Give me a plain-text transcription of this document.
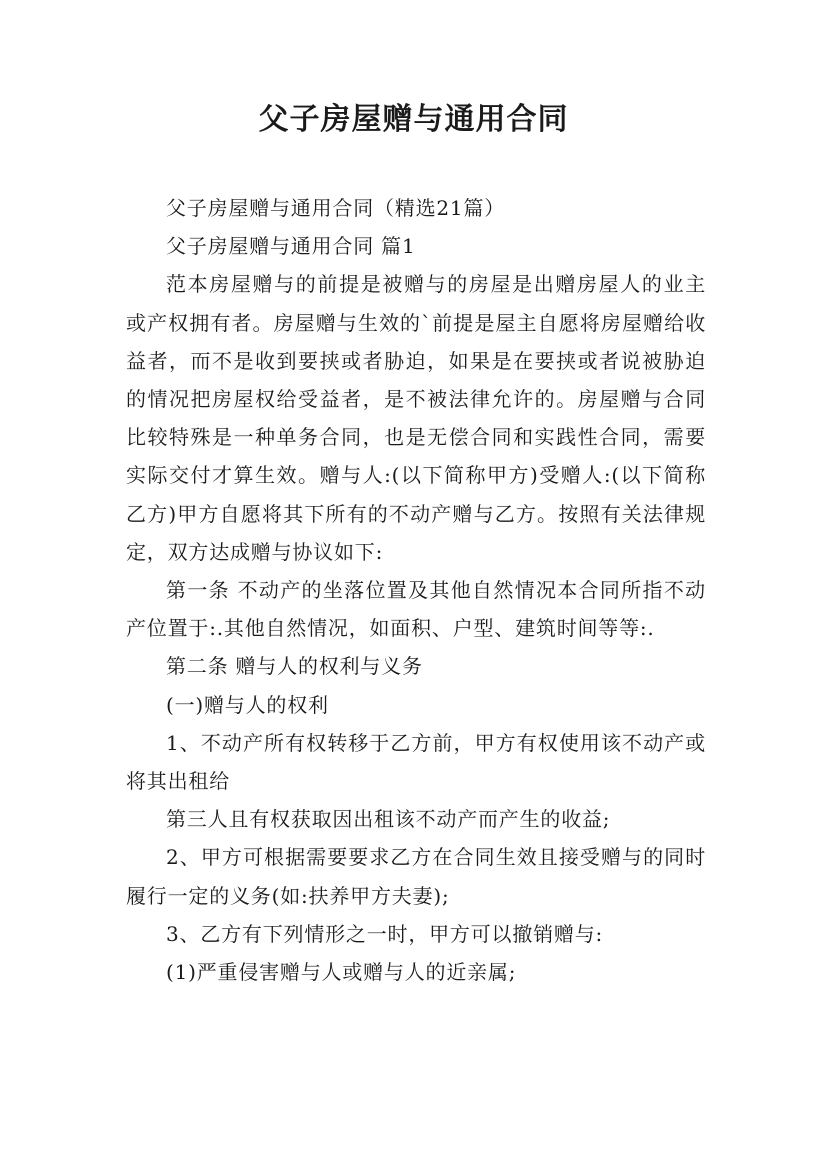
父子房屋赠与通用合同

父子房屋赠与通用合同（精选21篇）

父子房屋赠与通用合同 篇1

范本房屋赠与的前提是被赠与的房屋是出赠房屋人的业主或产权拥有者。房屋赠与生效的`前提是屋主自愿将房屋赠给收益者，而不是收到要挟或者胁迫，如果是在要挟或者说被胁迫的情况把房屋权给受益者，是不被法律允许的。房屋赠与合同比较特殊是一种单务合同，也是无偿合同和实践性合同，需要实际交付才算生效。赠与人:(以下简称甲方)受赠人:(以下简称乙方)甲方自愿将其下所有的不动产赠与乙方。按照有关法律规定，双方达成赠与协议如下:

第一条 不动产的坐落位置及其他自然情况本合同所指不动产位置于:.其他自然情况，如面积、户型、建筑时间等等:.

第二条 赠与人的权利与义务

(一)赠与人的权利

1、不动产所有权转移于乙方前，甲方有权使用该不动产或将其出租给

第三人且有权获取因出租该不动产而产生的收益;

2、甲方可根据需要要求乙方在合同生效且接受赠与的同时履行一定的义务(如:扶养甲方夫妻);

3、乙方有下列情形之一时，甲方可以撤销赠与:

(1)严重侵害赠与人或赠与人的近亲属;
